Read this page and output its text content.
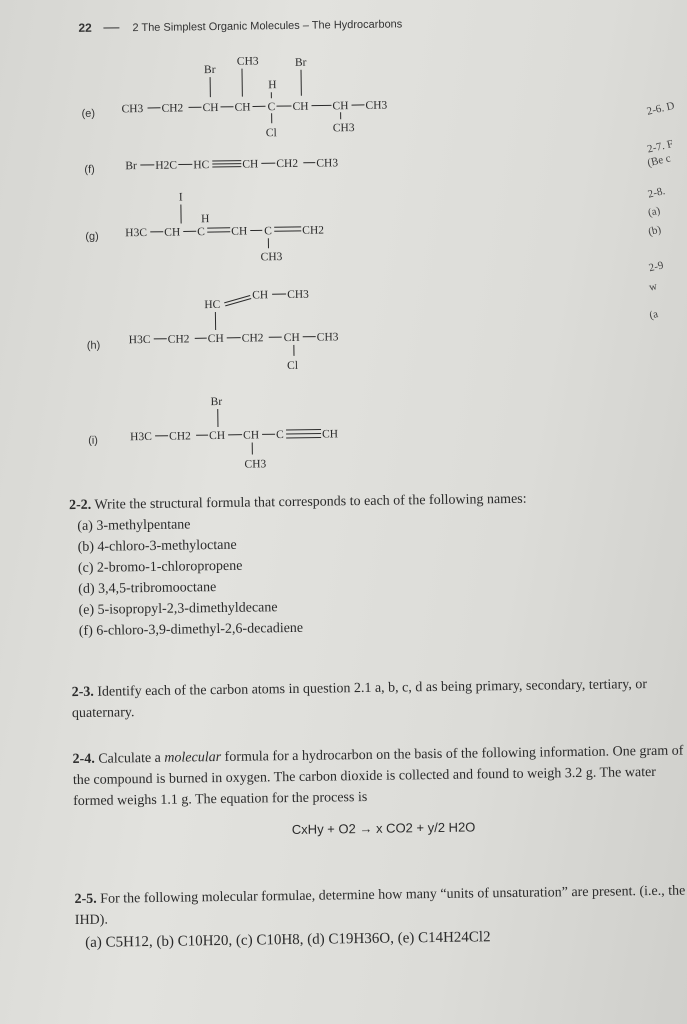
22	2 The Simplest Organic Molecules – The Hydrocarbons
(e)
(f)
(g)
(h)
(i)
CH3 CH2 CH CH C CH CH CH3
Br
CH3
H
Cl
Br
CH3
Br H2C HC	CH CH2 CH3
H3C CH
I
H
C CH C	CH2
CH3
H3C CH2 CH CH2 CH CH3
HC
CH CH3
Cl
H3C CH2 CH CH C	CH
Br
CH3
2-6. D
2-7. F
(Be c
2-8.
(a)
(b)
2-9
w
(a

2-2. Write the structural formula that corresponds to each of the following names:

(a) 3-methylpentane
(b) 4-chloro-3-methyloctane
(c) 2-bromo-1-chloropropene
(d) 3,4,5-tribromooctane
(e) 5-isopropyl-2,3-dimethyldecane
(f) 6-chloro-3,9-dimethyl-2,6-decadiene

2-3. Identify each of the carbon atoms in question 2.1 a, b, c, d as being primary, secondary, tertiary, or quaternary.

2-4. Calculate a molecular formula for a hydrocarbon on the basis of the following information. One gram of the compound is burned in oxygen. The carbon dioxide is collected and found to weigh 3.2 g. The water formed weighs 1.1 g. The equation for the process is

CxHy + O2 → x CO2 + y/2 H2O

2-5. For the following molecular formulae, determine how many “units of unsaturation” are present. (i.e., the IHD).

(a) C5H12, (b) C10H20, (c) C10H8, (d) C19H36O, (e) C14H24Cl2
